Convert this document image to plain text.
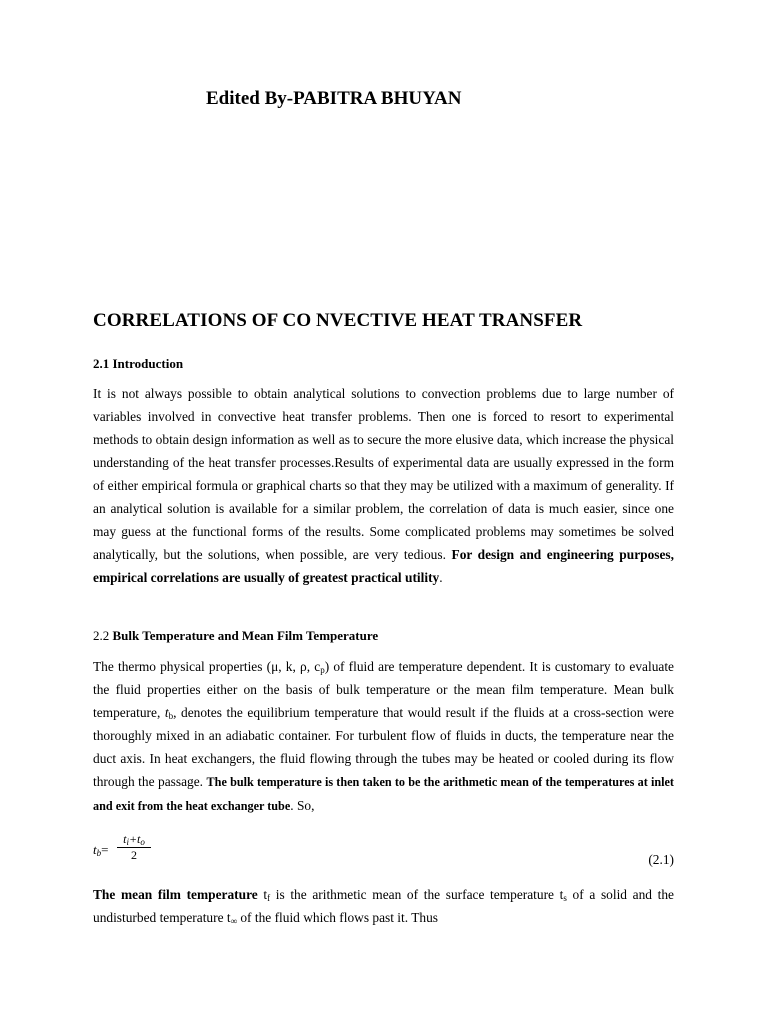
Edited By-PABITRA BHUYAN
CORRELATIONS OF CO NVECTIVE HEAT TRANSFER

2.1 Introduction

It is not always possible to obtain analytical solutions to convection problems due to large number of variables involved in convective heat transfer problems. Then one is forced to resort to experimental methods to obtain design information as well as to secure the more elusive data, which increase the physical understanding of the heat transfer processes.Results of experimental data are usually expressed in the form of either empirical formula or graphical charts so that they may be utilized with a maximum of generality. If an analytical solution is available for a similar problem, the correlation of data is much easier, since one may guess at the functional forms of the results. Some complicated problems may sometimes be solved analytically, but the solutions, when possible, are very tedious. For design and engineering purposes, empirical correlations are usually of greatest practical utility.

2.2 Bulk Temperature and Mean Film Temperature

The thermo physical properties (μ, k, ρ, $c_p$) of fluid are temperature dependent. It is customary to evaluate the fluid properties either on the basis of bulk temperature or the mean film temperature. Mean bulk temperature, $t_b$, denotes the equilibrium temperature that would result if the fluids at a cross-section were thoroughly mixed in an adiabatic container. For turbulent flow of fluids in ducts, the temperature near the duct axis. In heat exchangers, the fluid flowing through the tubes may be heated or cooled during its flow through the passage. The bulk temperature is then taken to be the arithmetic mean of the temperatures at inlet and exit from the heat exchanger tube. So,

$t_b= \frac{t_i+t_o}{2}$	(2.1)

The mean film temperature $t_f$ is the arithmetic mean of the surface temperature $t_s$ of a solid and the undisturbed temperature $t_\infty$ of the fluid which flows past it. Thus
